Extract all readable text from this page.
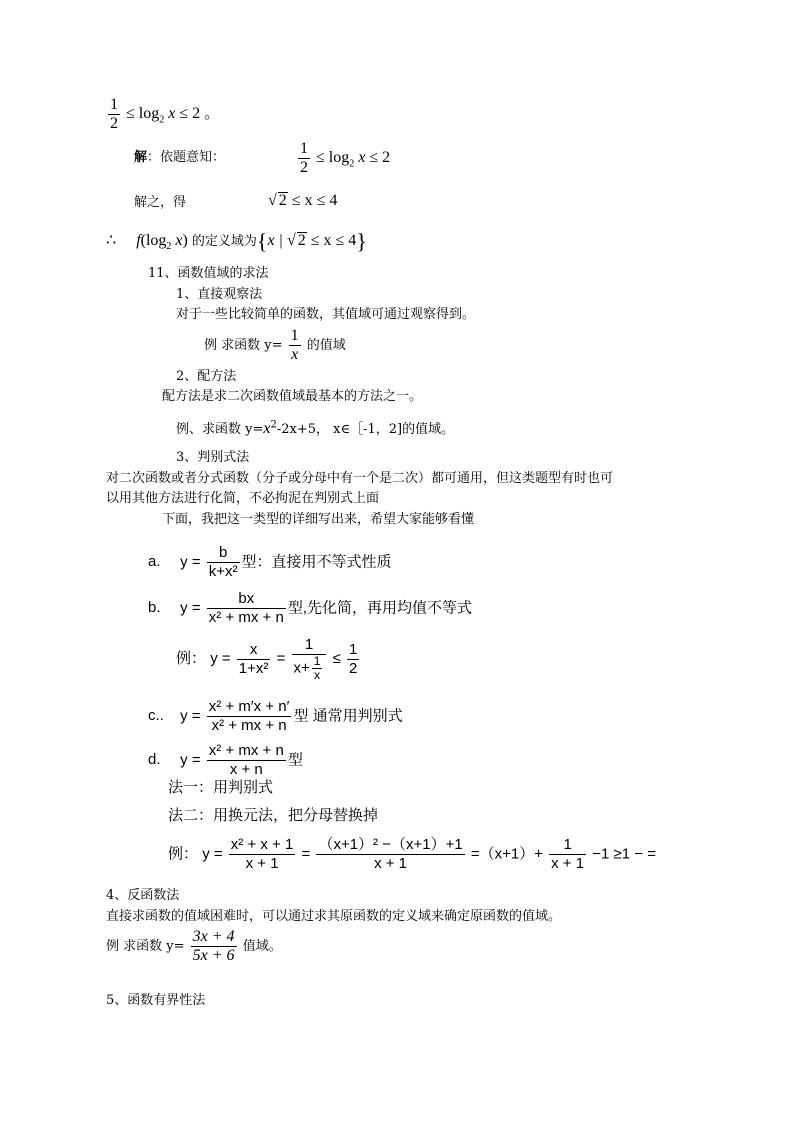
$\frac{1}{2} \le \log_2 x \le 2$ 。
解：依题意知：	$\frac{1}{2} \le \log_2 x \le 2$
解之，得	√ 2 ≤ x ≤ 4
∴ $f(\log_2$ x) 的定义域为{x | √ 2 ≤ x ≤ 4}
11、函数值域的求法
1、直接观察法
对于一些比较简单的函数，其值域可通过观察得到。
例 求函数 $y= \frac{1}{x}$ 的值域
2、配方法
配方法是求二次函数值域最基本的方法之一。
例、求函数 $y=x^2-2x+5$， x∈［-1，2]的值域。
3、判别式法
对二次函数或者分式函数（分子或分母中有一个是二次）都可通用，但这类题型有时也可
以用其他方法进行化简，不必拘泥在判别式上面
下面，我把这一类型的详细写出来，希望大家能够看懂
a. $y = \frac{b}{\text{k+x²}}$ 型：直接用不等式性质
b. $y = \frac{bx}{\text{x² + mx + n}}$ 型,先化简，再用均值不等式
例： $y = \frac{x}{\text{1+x²}} = \frac{1}{x+ \frac{1}{x}} \le \frac{1}{2}$
c.. $y = \frac{\text{x² + m′x + n′}}{\text{x² + mx + n}}$ 型 通常用判别式
d. $y = \frac{\text{x² + mx + n}}{x + n}$ 型
法一：用判别式
法二：用换元法，把分母替换掉
例： $y = \frac{\text{x² + x + 1}}{x + 1} = \frac{\text{（x+1）² −（x+1）+1}}{x + 1} =(x+1)+ \frac{1}{x + 1} -1 \ge 1$ − =
4、反函数法
直接求函数的值域困难时，可以通过求其原函数的定义域来确定原函数的值域。
例 求函数 $y= \frac{3x + 4}{5x + 6}$ 值域。
5、函数有界性法
